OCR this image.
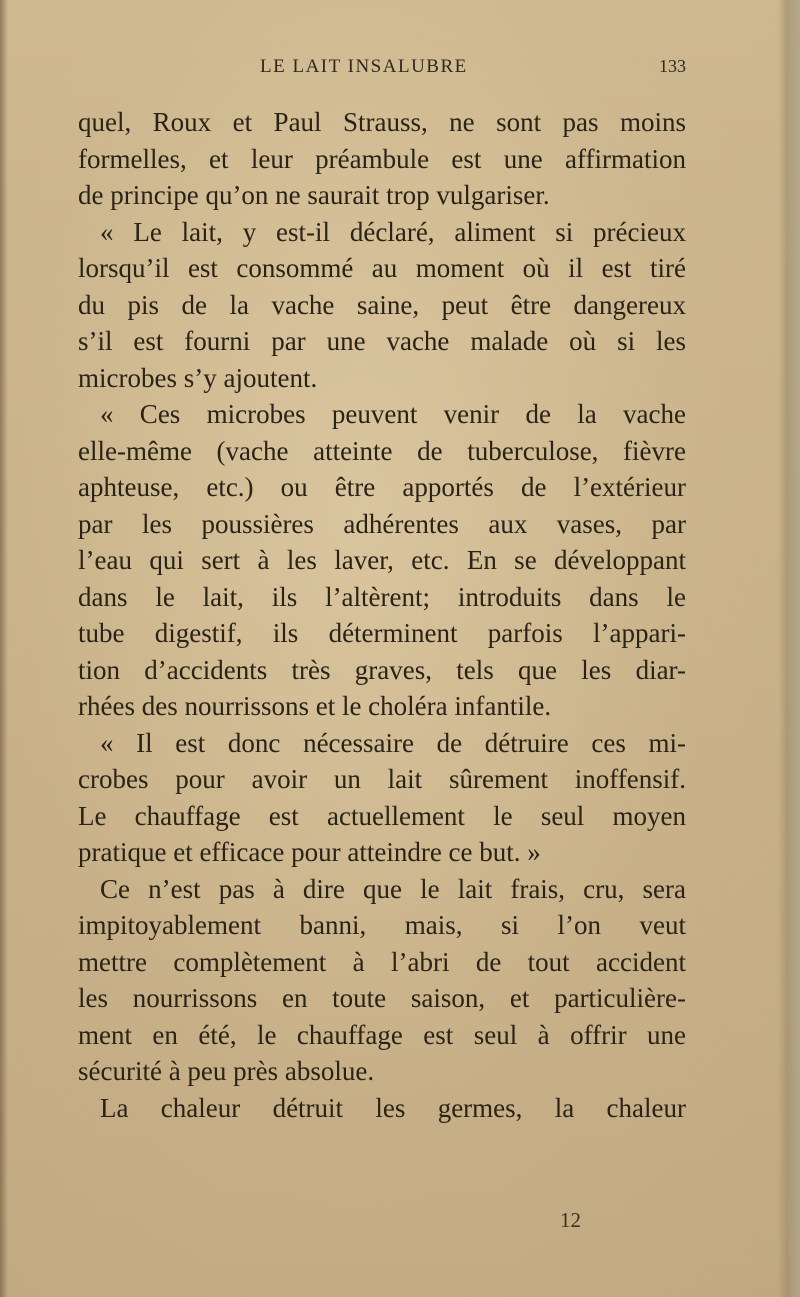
LE LAIT INSALUBRE	133
quel, Roux et Paul Strauss, ne sont pas moins
formelles, et leur préambule est une affirmation
de principe qu’on ne saurait trop vulgariser.
« Le lait, y est-il déclaré, aliment si précieux
lorsqu’il est consommé au moment où il est tiré
du pis de la vache saine, peut être dangereux
s’il est fourni par une vache malade où si les
microbes s’y ajoutent.
« Ces microbes peuvent venir de la vache
elle-même (vache atteinte de tuberculose, fièvre
aphteuse, etc.) ou être apportés de l’extérieur
par les poussières adhérentes aux vases, par
l’eau qui sert à les laver, etc. En se développant
dans le lait, ils l’altèrent; introduits dans le
tube digestif, ils déterminent parfois l’appari-
tion d’accidents très graves, tels que les diar-
rhées des nourrissons et le choléra infantile.
« Il est donc nécessaire de détruire ces mi-
crobes pour avoir un lait sûrement inoffensif.
Le chauffage est actuellement le seul moyen
pratique et efficace pour atteindre ce but. »
Ce n’est pas à dire que le lait frais, cru, sera
impitoyablement banni, mais, si l’on veut
mettre complètement à l’abri de tout accident
les nourrissons en toute saison, et particulière-
ment en été, le chauffage est seul à offrir une
sécurité à peu près absolue.
La chaleur détruit les germes, la chaleur
12
